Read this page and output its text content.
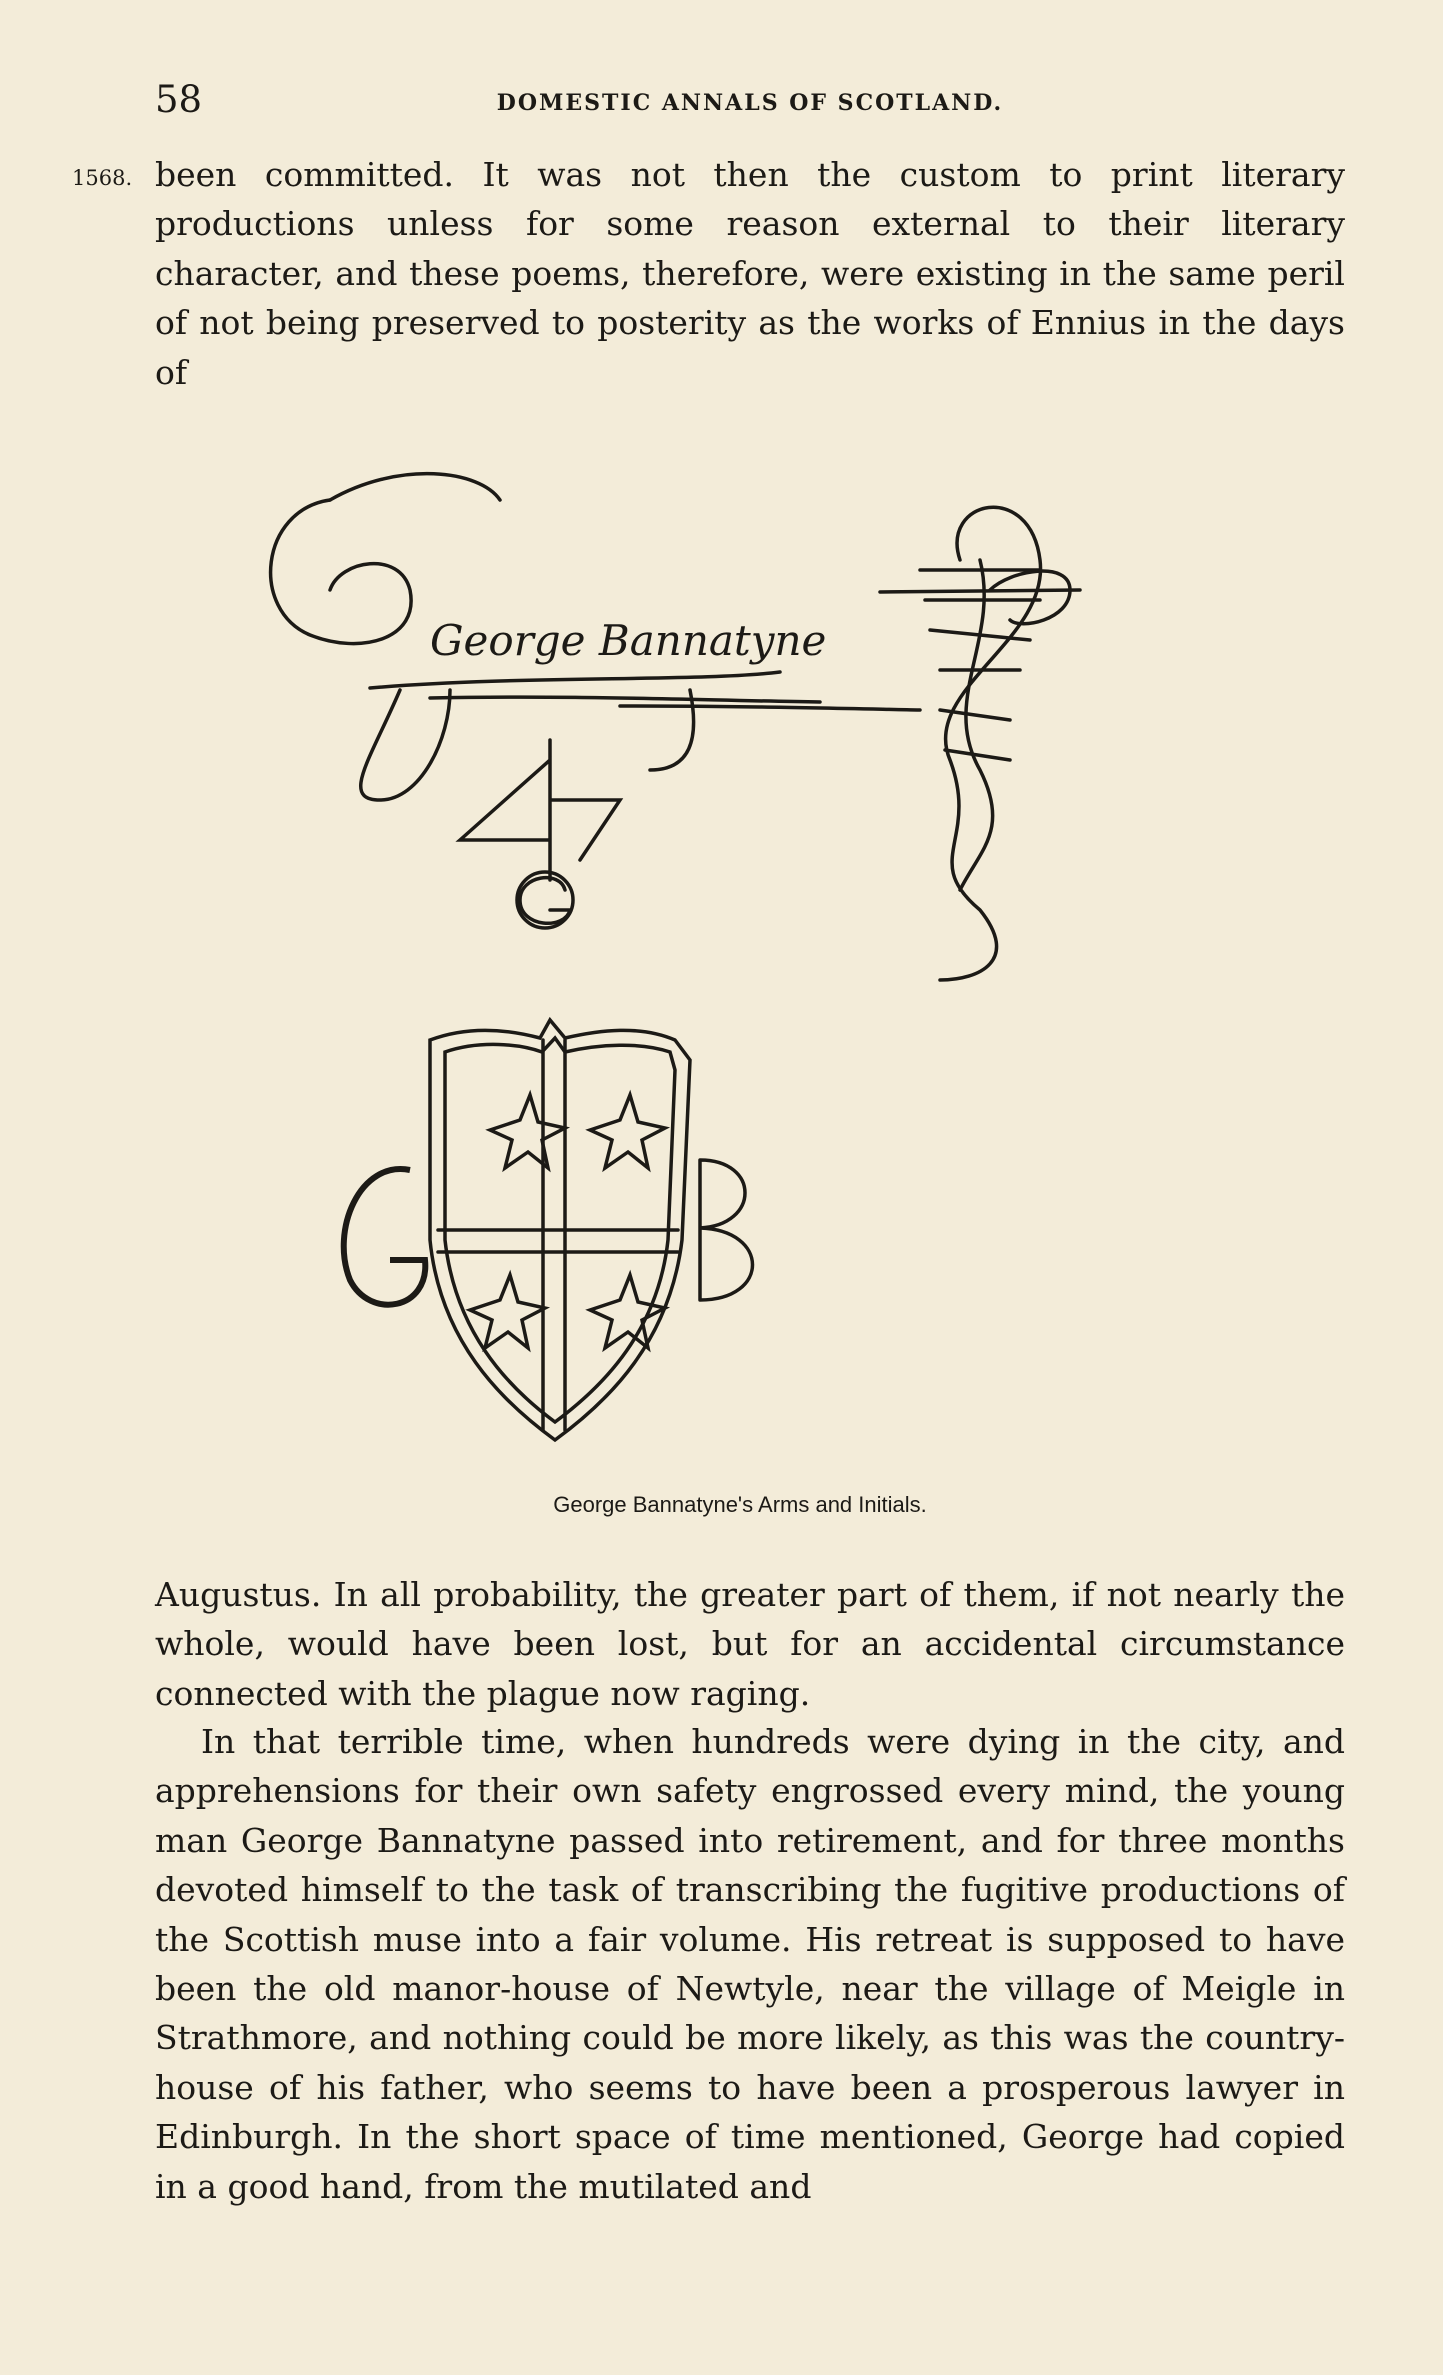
58	DOMESTIC ANNALS OF SCOTLAND.
1568. been committed. It was not then the custom to print literary productions unless for some reason external to their literary character, and these poems, therefore, were existing in the same peril of not being preserved to posterity as the works of Ennius in the days of

George Bannatyne
George Bannatyne's Arms and Initials.

Augustus. In all probability, the greater part of them, if not nearly the whole, would have been lost, but for an accidental circumstance connected with the plague now raging.

In that terrible time, when hundreds were dying in the city, and apprehensions for their own safety engrossed every mind, the young man George Bannatyne passed into retirement, and for three months devoted himself to the task of transcribing the fugitive productions of the Scottish muse into a fair volume. His retreat is supposed to have been the old manor-house of Newtyle, near the village of Meigle in Strathmore, and nothing could be more likely, as this was the country-house of his father, who seems to have been a prosperous lawyer in Edinburgh. In the short space of time mentioned, George had copied in a good hand, from the mutilated and
